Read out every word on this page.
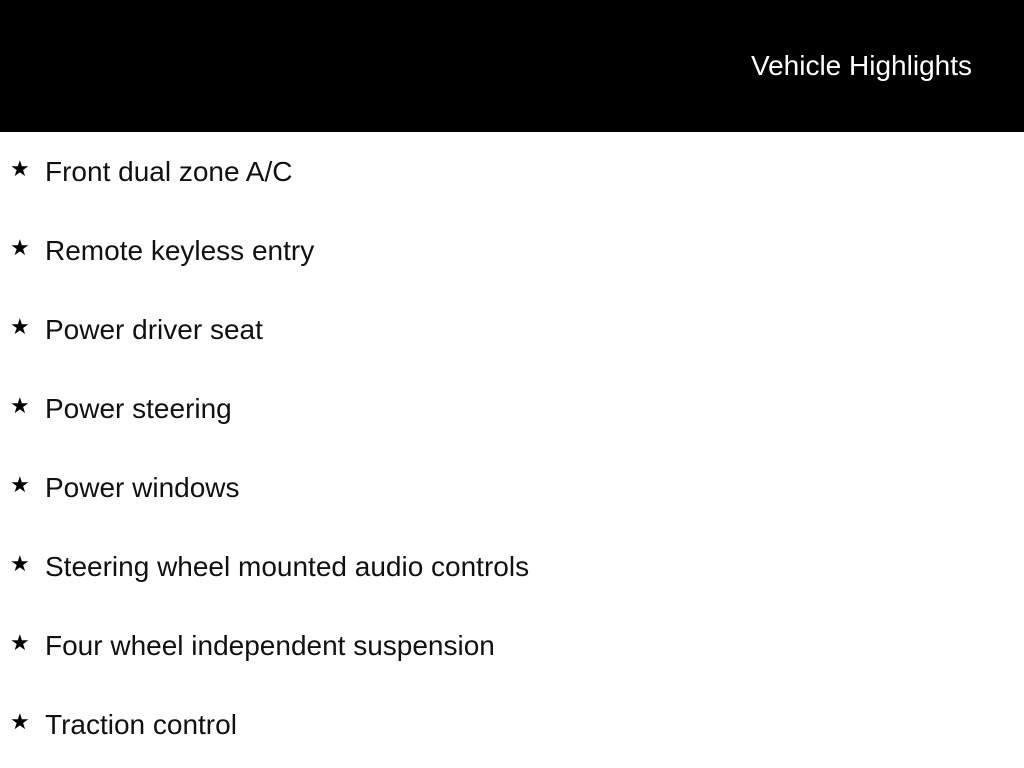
Vehicle Highlights
★ Front dual zone A/C
★ Remote keyless entry
★ Power driver seat
★ Power steering
★ Power windows
★ Steering wheel mounted audio controls
★ Four wheel independent suspension
★ Traction control
